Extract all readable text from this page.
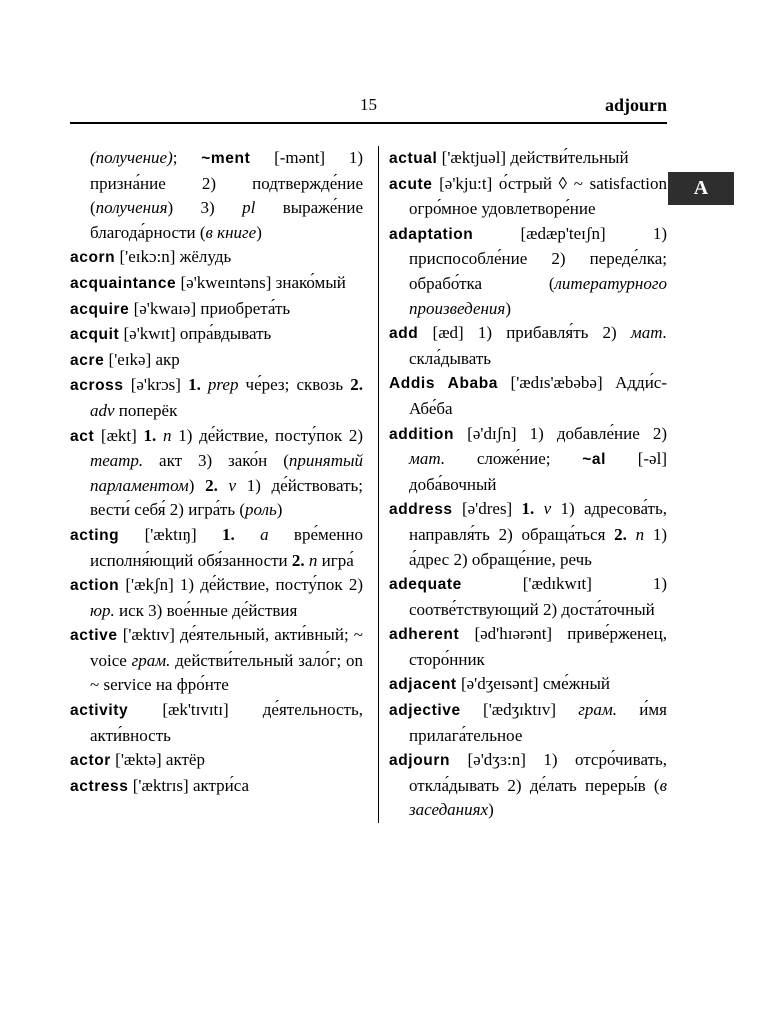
15	adjourn

(получение); ~ment [-mənt] 1) призна́ние 2) подтвержде́ние (получения) 3) pl выраже́ние благода́рности (в книге)

acorn ['eɪkɔ:n] жёлудь

acquaintance [ə'kweɪntəns] знако́мый

acquire [ə'kwaɪə] приобрета́ть

acquit [ə'kwɪt] опра́вдывать

acre ['eɪkə] акр

across [ə'krɔs] 1. prep че́рез; сквозь 2. adv поперёк

act [ækt] 1. n 1) де́йствие, посту́пок 2) театр. акт 3) зако́н (принятый парламентом) 2. v 1) де́йствовать; вести́ себя́ 2) игра́ть (роль)

acting ['æktɪŋ] 1. a вре́менно исполня́ющий обя́занности 2. n игра́

action ['ækʃn] 1) де́йствие, посту́пок 2) юр. иск 3) вое́нные де́йствия

active ['æktɪv] де́ятельный, акти́вный; ~ voice грам. действи́тельный зало́г; on ~ service на фро́нте

activity [æk'tɪvɪtɪ] де́ятельность, акти́вность

actor ['æktə] актёр

actress ['æktrɪs] актри́са

actual ['æktjuəl] действи́тельный

acute [ə'kju:t] о́стрый ◊ ~ satisfaction огро́мное удовлетворе́ние

adaptation [ædæp'teɪʃn] 1) приспособле́ние 2) переде́лка; обрабо́тка (литературного произведения)

add [æd] 1) прибавля́ть 2) мат. скла́дывать

Addis Ababa ['ædɪs'æbəbə] Адди́с-Абе́ба

addition [ə'dɪʃn] 1) добавле́ние 2) мат. сложе́ние; ~al [-əl] доба́вочный

address [ə'dres] 1. v 1) адресова́ть, направля́ть 2) обраща́ться 2. n 1) а́дрес 2) обраще́ние, речь

adequate ['ædɪkwɪt] 1) соотве́тствующий 2) доста́точный

adherent [əd'hɪərənt] приве́рженец, сторо́нник

adjacent [ə'dʒeɪsənt] сме́жный

adjective ['ædʒɪktɪv] грам. и́мя прилага́тельное

adjourn [ə'dʒɜ:n] 1) отсро́чивать, откла́дывать 2) де́лать переры́в (в заседаниях)

A
